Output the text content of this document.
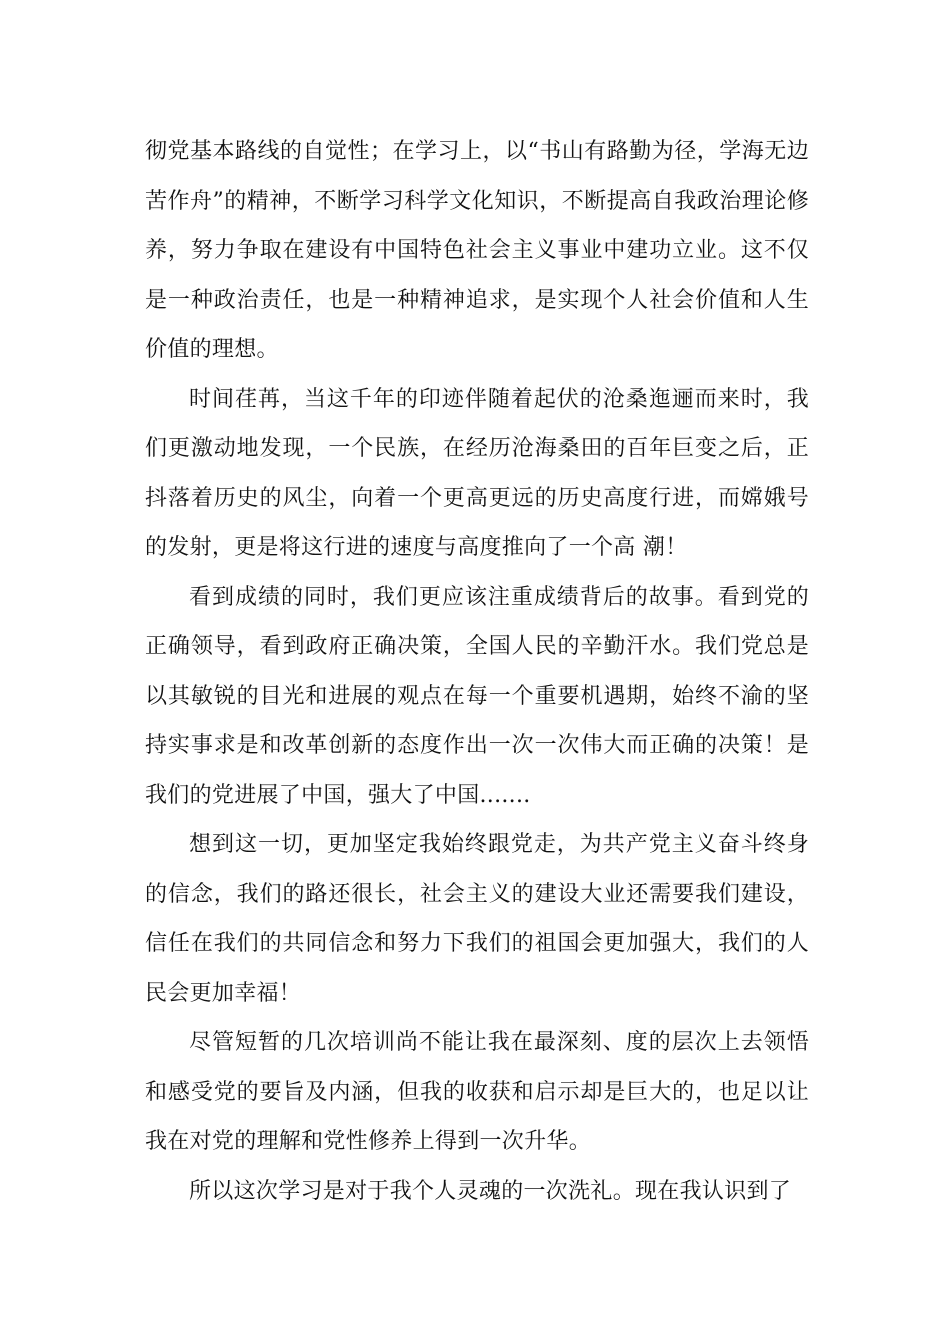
彻党基本路线的自觉性；在学习上，以“书山有路勤为径，学海无边苦作舟”的精神，不断学习科学文化知识，不断提高自我政治理论修养，努力争取在建设有中国特色社会主义事业中建功立业。这不仅是一种政治责任，也是一种精神追求，是实现个人社会价值和人生价值的理想。

时间荏苒，当这千年的印迹伴随着起伏的沧桑迤逦而来时，我们更激动地发现，一个民族，在经历沧海桑田的百年巨变之后，正抖落着历史的风尘，向着一个更高更远的历史高度行进，而嫦娥号的发射，更是将这行进的速度与高度推向了一个高 潮！

看到成绩的同时，我们更应该注重成绩背后的故事。看到党的正确领导，看到政府正确决策，全国人民的辛勤汗水。我们党总是以其敏锐的目光和进展的观点在每一个重要机遇期，始终不渝的坚持实事求是和改革创新的态度作出一次一次伟大而正确的决策！是我们的党进展了中国，强大了中国.......

想到这一切，更加坚定我始终跟党走，为共产党主义奋斗终身的信念，我们的路还很长，社会主义的建设大业还需要我们建设，信任在我们的共同信念和努力下我们的祖国会更加强大，我们的人民会更加幸福！

尽管短暂的几次培训尚不能让我在最深刻、度的层次上去领悟和感受党的要旨及内涵，但我的收获和启示却是巨大的，也足以让我在对党的理解和党性修养上得到一次升华。

所以这次学习是对于我个人灵魂的一次洗礼。现在我认识到了
